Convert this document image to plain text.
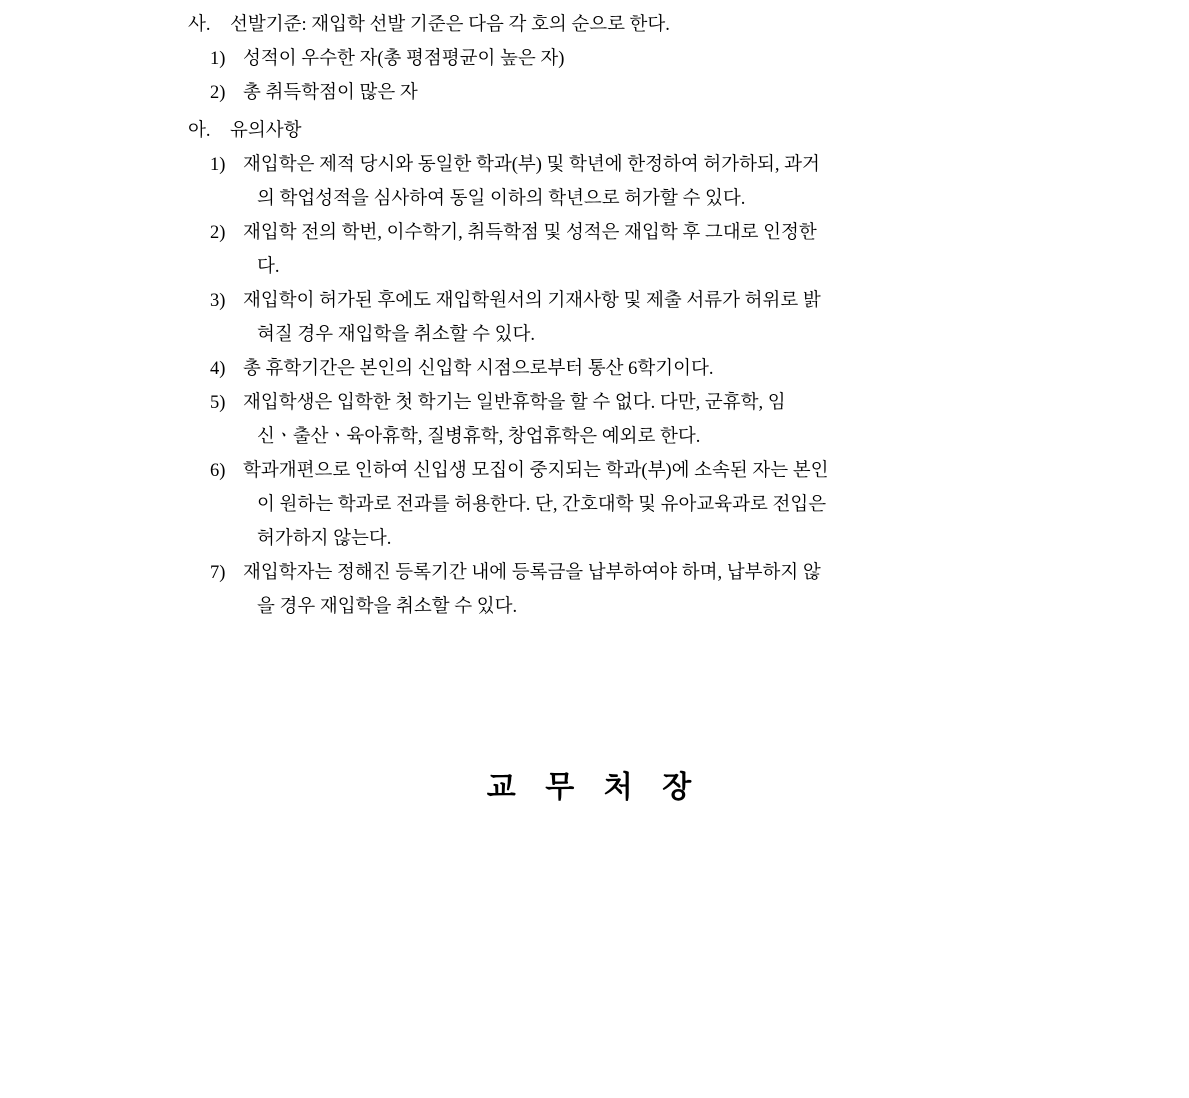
사.	선발기준: 재입학 선발 기준은 다음 각 호의 순으로 한다.
1) 성적이 우수한 자(총 평점평균이 높은 자)
2) 총 취득학점이 많은 자
아.	유의사항
1) 재입학은 제적 당시와 동일한 학과(부) 및 학년에 한정하여 허가하되, 과거
의 학업성적을 심사하여 동일 이하의 학년으로 허가할 수 있다.
2) 재입학 전의 학번, 이수학기, 취득학점 및 성적은 재입학 후 그대로 인정한
다.
3) 재입학이 허가된 후에도 재입학원서의 기재사항 및 제출 서류가 허위로 밝
혀질 경우 재입학을 취소할 수 있다.
4) 총 휴학기간은 본인의 신입학 시점으로부터 통산 6학기이다.
5) 재입학생은 입학한 첫 학기는 일반휴학을 할 수 없다. 다만, 군휴학, 임
신ㆍ출산ㆍ육아휴학, 질병휴학, 창업휴학은 예외로 한다.
6) 학과개편으로 인하여 신입생 모집이 중지되는 학과(부)에 소속된 자는 본인
이 원하는 학과로 전과를 허용한다. 단, 간호대학 및 유아교육과로 전입은
허가하지 않는다.
7) 재입학자는 정해진 등록기간 내에 등록금을 납부하여야 하며, 납부하지 않
을 경우 재입학을 취소할 수 있다.
교 무 처 장
